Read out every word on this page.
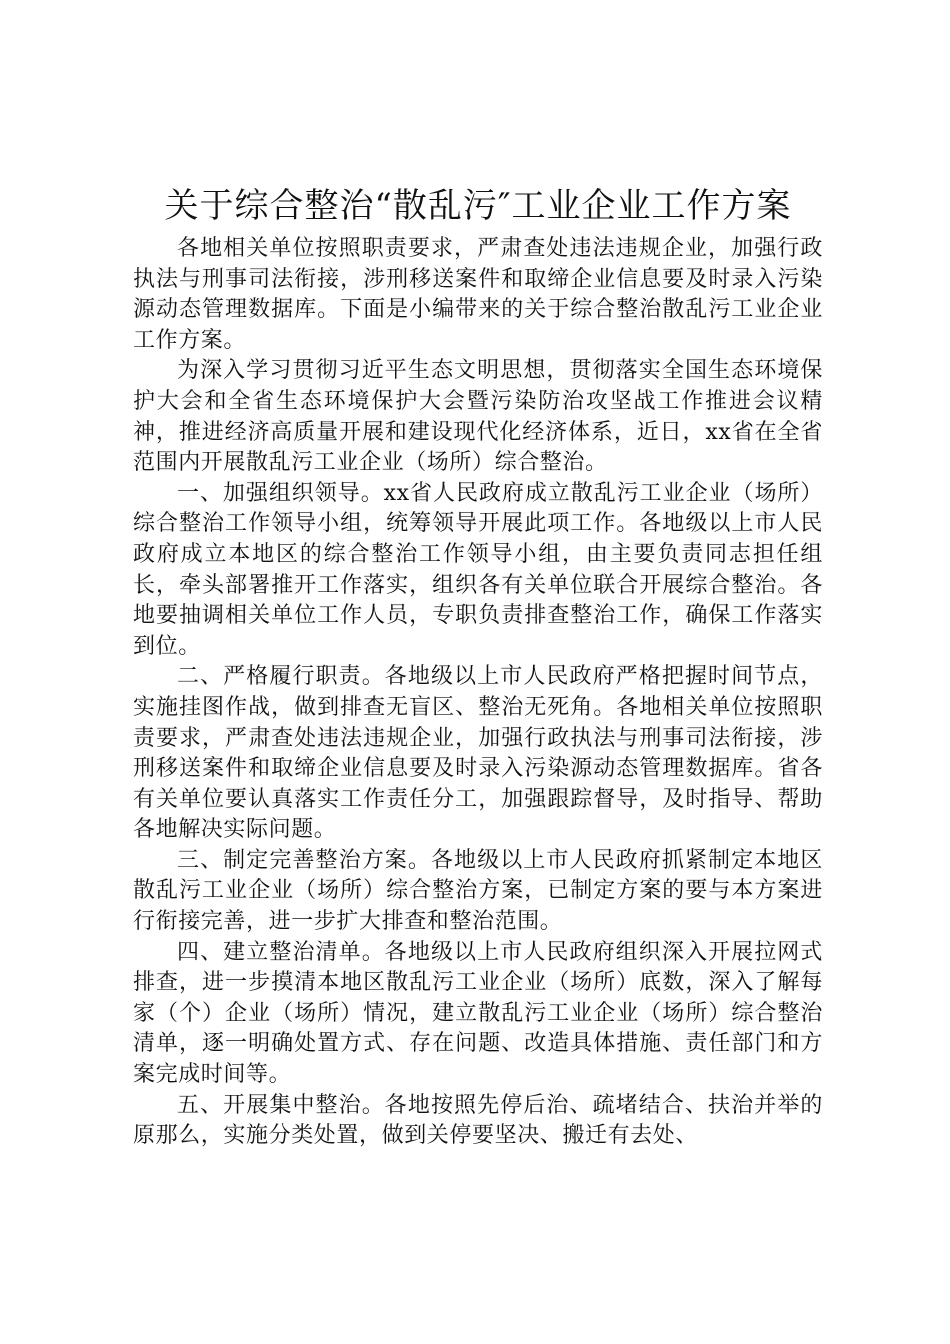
关于综合整治“散乱污″工业企业工作方案

各地相关单位按照职责要求，严肃查处违法违规企业，加强行政执法与刑事司法衔接，涉刑移送案件和取缔企业信息要及时录入污染源动态管理数据库。下面是小编带来的关于综合整治散乱污工业企业工作方案。

为深入学习贯彻习近平生态文明思想，贯彻落实全国生态环境保护大会和全省生态环境保护大会暨污染防治攻坚战工作推进会议精神，推进经济高质量开展和建设现代化经济体系，近日，xx省在全省范围内开展散乱污工业企业（场所）综合整治。

一、加强组织领导。xx省人民政府成立散乱污工业企业（场所）综合整治工作领导小组，统筹领导开展此项工作。各地级以上市人民政府成立本地区的综合整治工作领导小组，由主要负责同志担任组长，牵头部署推开工作落实，组织各有关单位联合开展综合整治。各地要抽调相关单位工作人员，专职负责排查整治工作，确保工作落实到位。

二、严格履行职责。各地级以上市人民政府严格把握时间节点，实施挂图作战，做到排查无盲区、整治无死角。各地相关单位按照职责要求，严肃查处违法违规企业，加强行政执法与刑事司法衔接，涉刑移送案件和取缔企业信息要及时录入污染源动态管理数据库。省各有关单位要认真落实工作责任分工，加强跟踪督导，及时指导、帮助各地解决实际问题。

三、制定完善整治方案。各地级以上市人民政府抓紧制定本地区散乱污工业企业（场所）综合整治方案，已制定方案的要与本方案进行衔接完善，进一步扩大排查和整治范围。

四、建立整治清单。各地级以上市人民政府组织深入开展拉网式排查，进一步摸清本地区散乱污工业企业（场所）底数，深入了解每家（个）企业（场所）情况，建立散乱污工业企业（场所）综合整治清单，逐一明确处置方式、存在问题、改造具体措施、责任部门和方案完成时间等。

五、开展集中整治。各地按照先停后治、疏堵结合、扶治并举的原那么，实施分类处置，做到关停要坚决、搬迁有去处、
